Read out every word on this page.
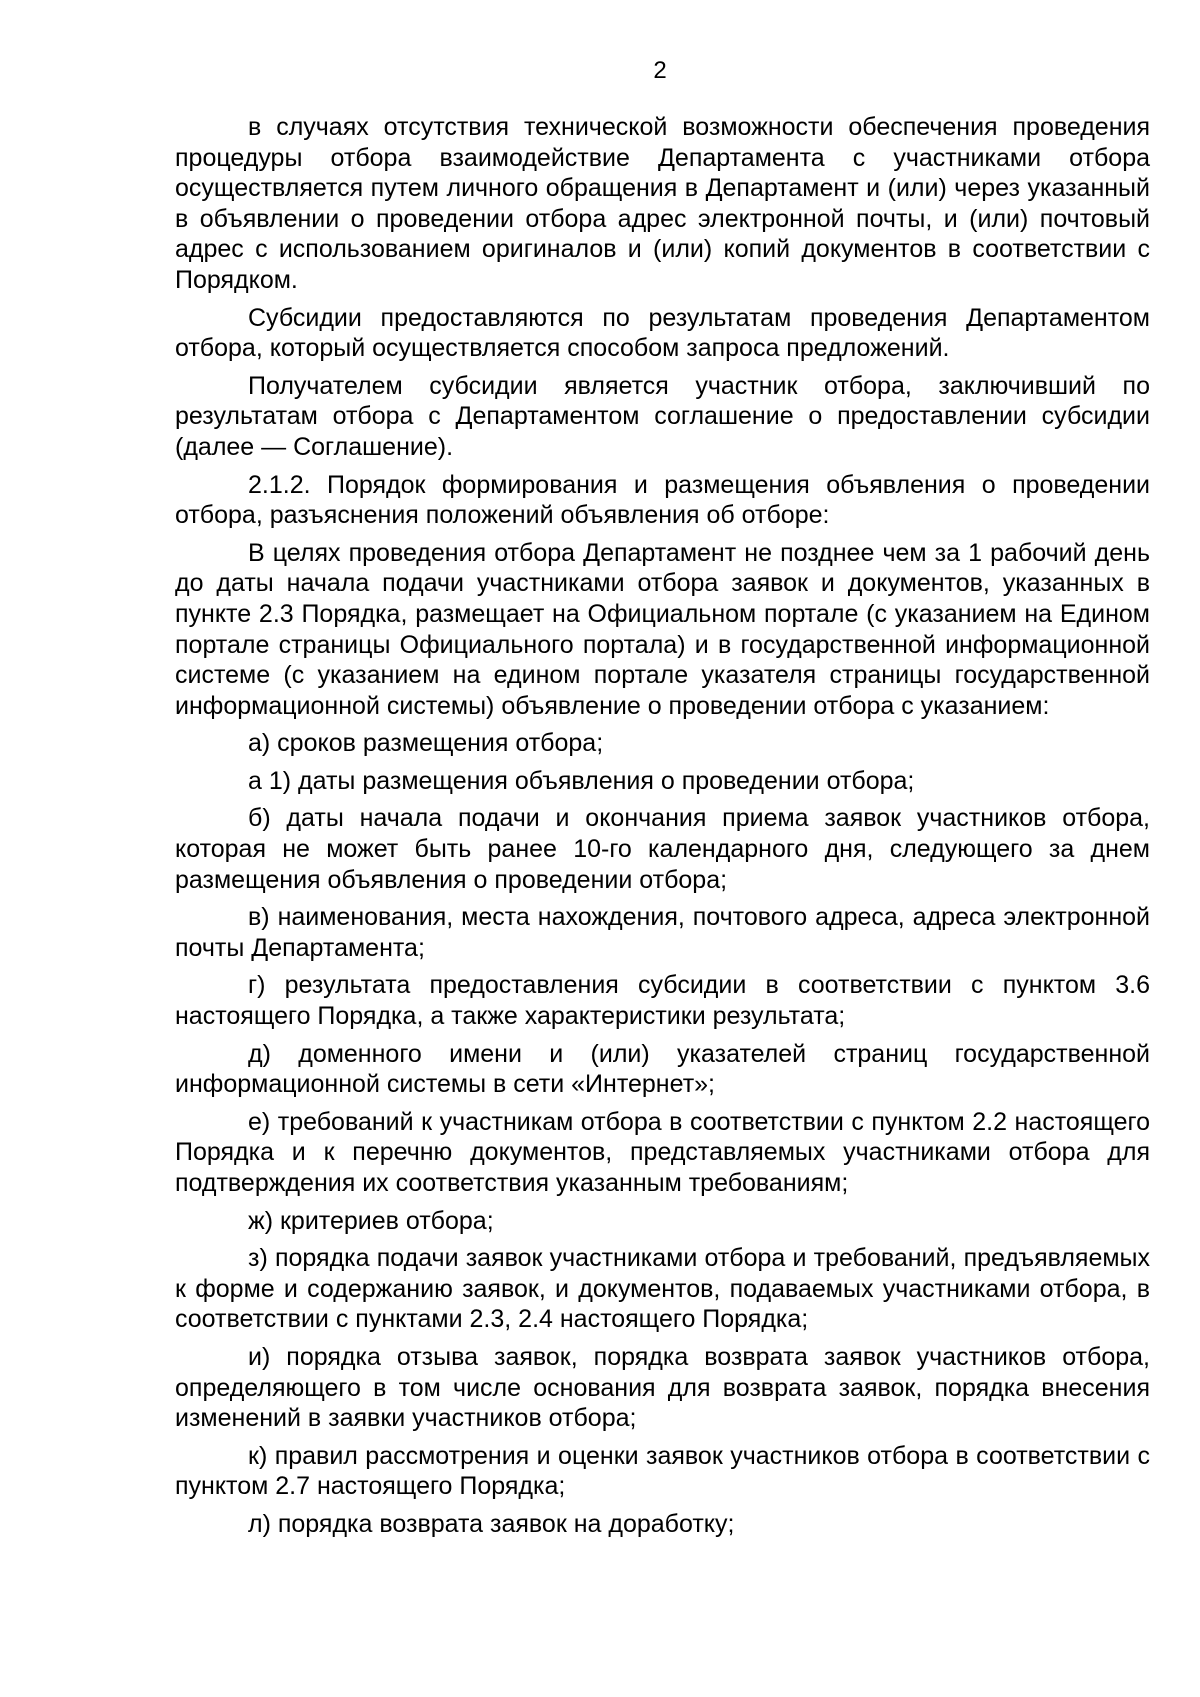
2

в случаях отсутствия технической возможности обеспечения проведения процедуры отбора взаимодействие Департамента с участниками отбора осуществляется путем личного обращения в Департамент и (или) через указанный в объявлении о проведении отбора адрес электронной почты, и (или) почтовый адрес с использованием оригиналов и (или) копий документов в соответствии с Порядком.

Субсидии предоставляются по результатам проведения Департаментом отбора, который осуществляется способом запроса предложений.

Получателем субсидии является участник отбора, заключивший по результатам отбора с Департаментом соглашение о предоставлении субсидии (далее — Соглашение).

2.1.2. Порядок формирования и размещения объявления о проведении отбора, разъяснения положений объявления об отборе:

В целях проведения отбора Департамент не позднее чем за 1 рабочий день до даты начала подачи участниками отбора заявок и документов, указанных в пункте 2.3 Порядка, размещает на Официальном портале (с указанием на Едином портале страницы Официального портала) и в государственной информационной системе (с указанием на едином портале указателя страницы государственной информационной системы) объявление о проведении отбора с указанием:

а) сроков размещения отбора;

а 1) даты размещения объявления о проведении отбора;

б) даты начала подачи и окончания приема заявок участников отбора, которая не может быть ранее 10-го календарного дня, следующего за днем размещения объявления о проведении отбора;

в) наименования, места нахождения, почтового адреса, адреса электронной почты Департамента;

г) результата предоставления субсидии в соответствии с пунктом 3.6 настоящего Порядка, а также характеристики результата;

д) доменного имени и (или) указателей страниц государственной информационной системы в сети «Интернет»;

е) требований к участникам отбора в соответствии с пунктом 2.2 настоящего Порядка и к перечню документов, представляемых участниками отбора для подтверждения их соответствия указанным требованиям;

ж) критериев отбора;

з) порядка подачи заявок участниками отбора и требований, предъявляемых к форме и содержанию заявок, и документов, подаваемых участниками отбора, в соответствии с пунктами 2.3, 2.4 настоящего Порядка;

и) порядка отзыва заявок, порядка возврата заявок участников отбора, определяющего в том числе основания для возврата заявок, порядка внесения изменений в заявки участников отбора;

к) правил рассмотрения и оценки заявок участников отбора в соответствии с пунктом 2.7 настоящего Порядка;

л) порядка возврата заявок на доработку;
